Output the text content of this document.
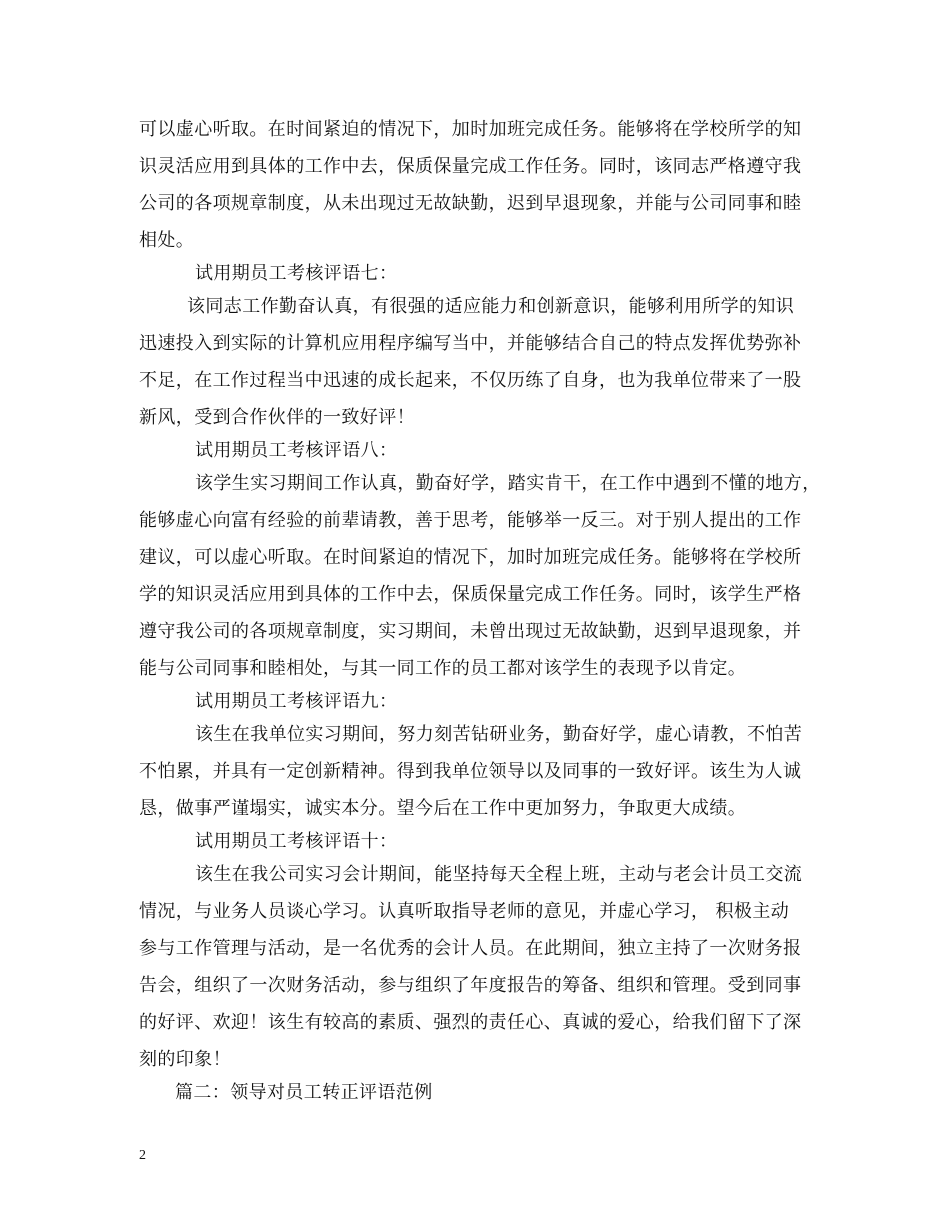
可以虚心听取。在时间紧迫的情况下，加时加班完成任务。能够将在学校所学的知
识灵活应用到具体的工作中去，保质保量完成工作任务。同时，该同志严格遵守我
公司的各项规章制度，从未出现过无故缺勤，迟到早退现象，并能与公司同事和睦
相处。
试用期员工考核评语七：
该同志工作勤奋认真，有很强的适应能力和创新意识，能够利用所学的知识
迅速投入到实际的计算机应用程序编写当中，并能够结合自己的特点发挥优势弥补
不足，在工作过程当中迅速的成长起来，不仅历练了自身，也为我单位带来了一股
新风，受到合作伙伴的一致好评！
试用期员工考核评语八：
该学生实习期间工作认真，勤奋好学，踏实肯干，在工作中遇到不懂的地方，
能够虚心向富有经验的前辈请教，善于思考，能够举一反三。对于别人提出的工作
建议，可以虚心听取。在时间紧迫的情况下，加时加班完成任务。能够将在学校所
学的知识灵活应用到具体的工作中去，保质保量完成工作任务。同时，该学生严格
遵守我公司的各项规章制度，实习期间，未曾出现过无故缺勤，迟到早退现象，并
能与公司同事和睦相处，与其一同工作的员工都对该学生的表现予以肯定。
试用期员工考核评语九：
该生在我单位实习期间，努力刻苦钻研业务，勤奋好学，虚心请教，不怕苦
不怕累，并具有一定创新精神。得到我单位领导以及同事的一致好评。该生为人诚
恳，做事严谨塌实，诚实本分。望今后在工作中更加努力，争取更大成绩。
试用期员工考核评语十：
该生在我公司实习会计期间，能坚持每天全程上班，主动与老会计员工交流
情况，与业务人员谈心学习。认真听取指导老师的意见，并虚心学习， 积极主动
参与工作管理与活动，是一名优秀的会计人员。在此期间，独立主持了一次财务报
告会，组织了一次财务活动，参与组织了年度报告的筹备、组织和管理。受到同事
的好评、欢迎！该生有较高的素质、强烈的责任心、真诚的爱心，给我们留下了深
刻的印象！
篇二：领导对员工转正评语范例
2
